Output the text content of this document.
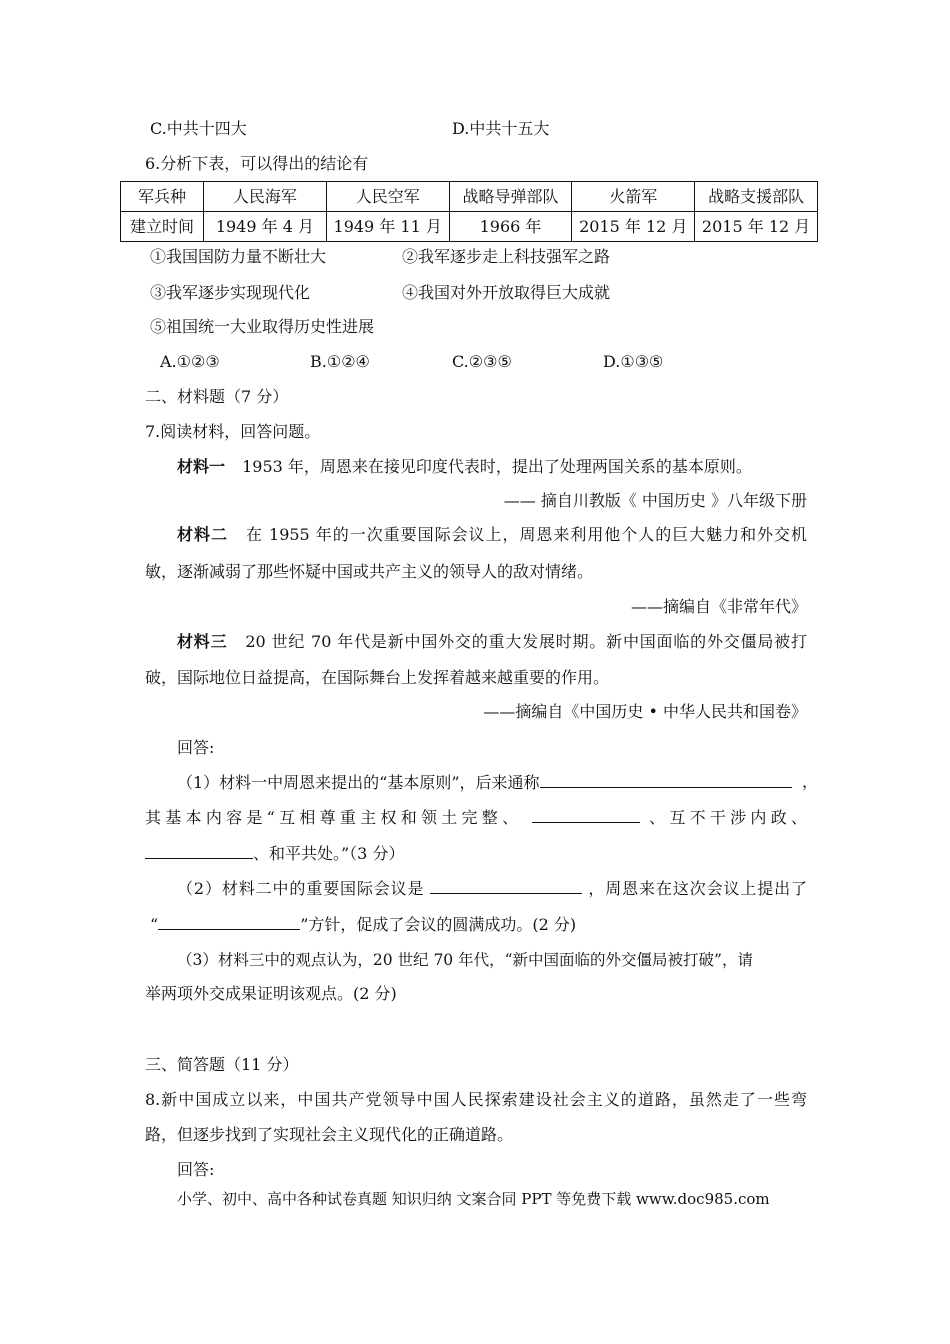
C.中共十四大	D.中共十五大
6.分析下表，可以得出的结论有
军兵种	人民海军	人民空军	战略导弹部队	火箭军	战略支援部队
建立时间	1949 年 4 月	1949 年 11 月	1966 年	2015 年 12 月	2015 年 12 月
①我国国防力量不断壮大	②我军逐步走上科技强军之路
③我军逐步实现现代化	④我国对外开放取得巨大成就
⑤祖国统一大业取得历史性进展
A.①②③	B.①②④	C.②③⑤	D.①③⑤
二、材料题（7 分）
7.阅读材料，回答问题。
材料一 1953 年，周恩来在接见印度代表时，提出了处理两国关系的基本原则。
—— 摘自川教版《 中国历史 》八年级下册
材料二 在 1955 年的一次重要国际会议上，周恩来利用他个人的巨大魅力和外交机
敏，逐渐减弱了那些怀疑中国或共产主义的领导人的敌对情绪。
——摘编自《非常年代》
材料三 20 世纪 70 年代是新中国外交的重大发展时期。新中国面临的外交僵局被打
破，国际地位日益提高，在国际舞台上发挥着越来越重要的作用。
——摘编自《中国历史 • 中华人民共和国卷》
回答:
（1）材料一中周恩来提出的“基本原则”，后来通称	，
其基本内容是“互相尊重主权和领土完整、	、互不干涉内政、
、和平共处。”（3 分）
（2）材料二中的重要国际会议是	，周恩来在这次会议上提出了
“	”方针，促成了会议的圆满成功。(2 分)
（3）材料三中的观点认为，20 世纪 70 年代，“新中国面临的外交僵局被打破”，请
举两项外交成果证明该观点。(2 分)
三、简答题（11 分）
8.新中国成立以来，中国共产党领导中国人民探索建设社会主义的道路，虽然走了一些弯
路，但逐步找到了实现社会主义现代化的正确道路。
回答:
小学、初中、高中各种试卷真题 知识归纳 文案合同 PPT 等免费下载 www.doc985.com
